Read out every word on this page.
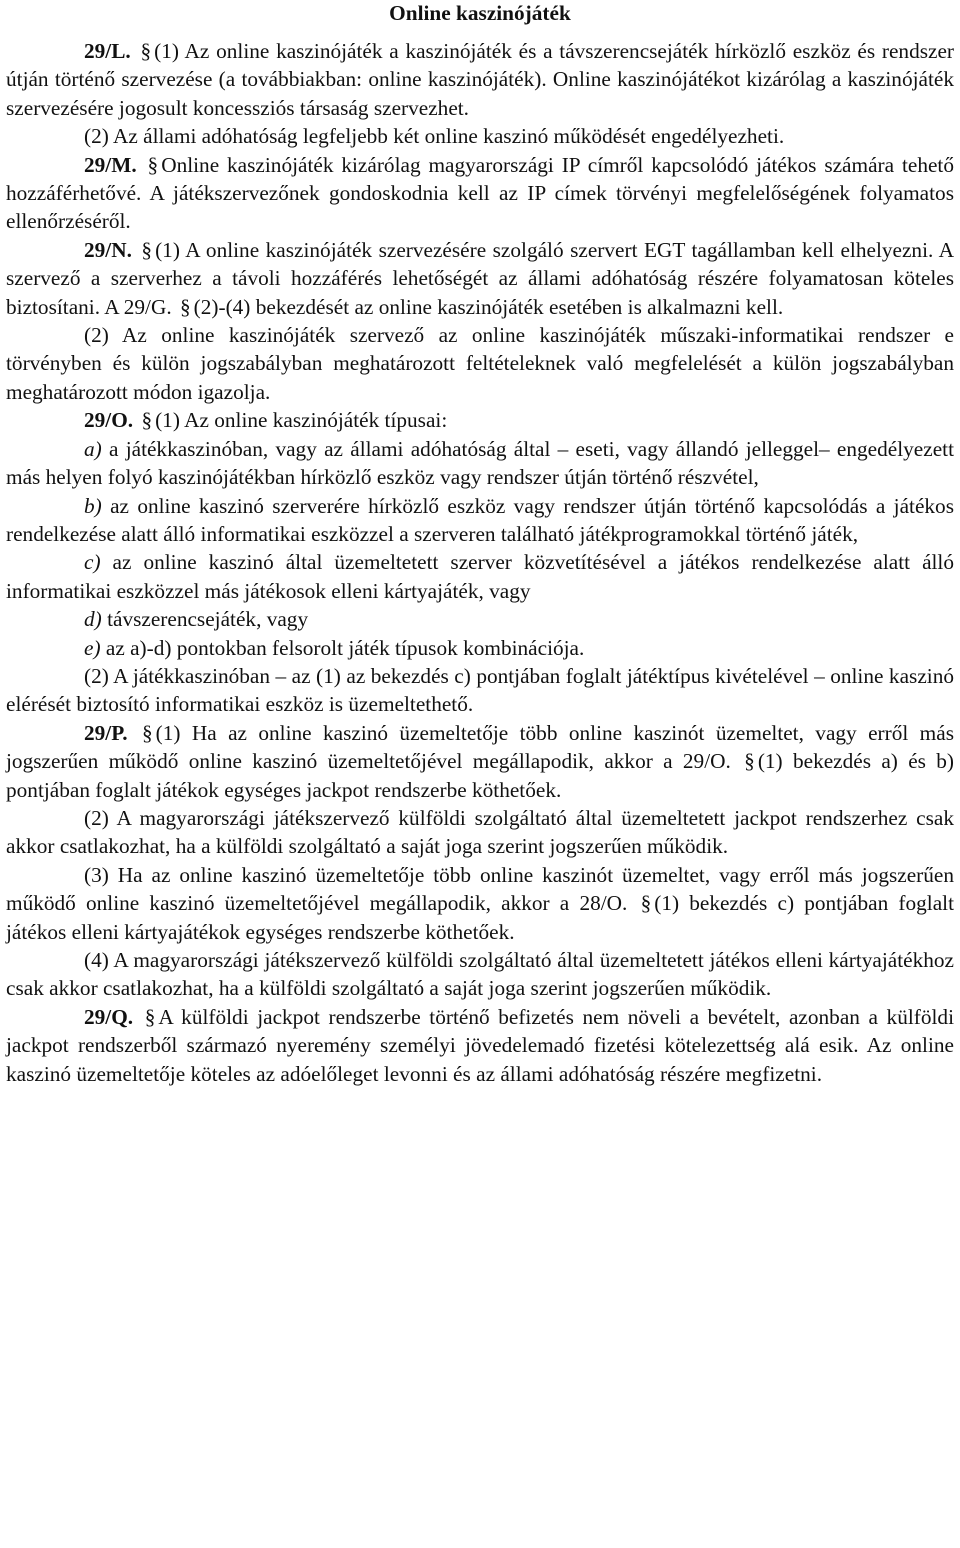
Online kaszinójáték

29/L. § (1) Az online kaszinójáték a kaszinójáték és a távszerencsejáték hírközlő eszköz és rendszer útján történő szervezése (a továbbiakban: online kaszinójáték). Online kaszinójátékot kizárólag a kaszinójáték szervezésére jogosult koncessziós társaság szervezhet.

(2) Az állami adóhatóság legfeljebb két online kaszinó működését engedélyezheti.

29/M. § Online kaszinójáték kizárólag magyarországi IP címről kapcsolódó játékos számára tehető hozzáférhetővé. A játékszervezőnek gondoskodnia kell az IP címek törvényi megfelelőségének folyamatos ellenőrzéséről.

29/N. § (1) A online kaszinójáték szervezésére szolgáló szervert EGT tagállamban kell elhelyezni. A szervező a szerverhez a távoli hozzáférés lehetőségét az állami adóhatóság részére folyamatosan köteles biztosítani. A 29/G. § (2)-(4) bekezdését az online kaszinójáték esetében is alkalmazni kell.

(2) Az online kaszinójáték szervező az online kaszinójáték műszaki-informatikai rendszer e törvényben és külön jogszabályban meghatározott feltételeknek való megfelelését a külön jogszabályban meghatározott módon igazolja.

29/O. § (1) Az online kaszinójáték típusai:

a) a játékkaszinóban, vagy az állami adóhatóság által – eseti, vagy állandó jelleggel– engedélyezett más helyen folyó kaszinójátékban hírközlő eszköz vagy rendszer útján történő részvétel,

b) az online kaszinó szerverére hírközlő eszköz vagy rendszer útján történő kapcsolódás a játékos rendelkezése alatt álló informatikai eszközzel a szerveren található játékprogramokkal történő játék,

c) az online kaszinó által üzemeltetett szerver közvetítésével a játékos rendelkezése alatt álló informatikai eszközzel más játékosok elleni kártyajáték, vagy

d) távszerencsejáték, vagy

e) az a)-d) pontokban felsorolt játék típusok kombinációja.

(2) A játékkaszinóban – az (1) az bekezdés c) pontjában foglalt játéktípus kivételével – online kaszinó elérését biztosító informatikai eszköz is üzemeltethető.

29/P. § (1) Ha az online kaszinó üzemeltetője több online kaszinót üzemeltet, vagy erről más jogszerűen működő online kaszinó üzemeltetőjével megállapodik, akkor a 29/O. § (1) bekezdés a) és b) pontjában foglalt játékok egységes jackpot rendszerbe köthetőek.

(2) A magyarországi játékszervező külföldi szolgáltató által üzemeltetett jackpot rendszerhez csak akkor csatlakozhat, ha a külföldi szolgáltató a saját joga szerint jogszerűen működik.

(3) Ha az online kaszinó üzemeltetője több online kaszinót üzemeltet, vagy erről más jogszerűen működő online kaszinó üzemeltetőjével megállapodik, akkor a 28/O. § (1) bekezdés c) pontjában foglalt játékos elleni kártyajátékok egységes rendszerbe köthetőek.

(4) A magyarországi játékszervező külföldi szolgáltató által üzemeltetett játékos elleni kártyajátékhoz csak akkor csatlakozhat, ha a külföldi szolgáltató a saját joga szerint jogszerűen működik.

29/Q. § A külföldi jackpot rendszerbe történő befizetés nem növeli a bevételt, azonban a külföldi jackpot rendszerből származó nyeremény személyi jövedelemadó fizetési kötelezettség alá esik. Az online kaszinó üzemeltetője köteles az adóelőleget levonni és az állami adóhatóság részére megfizetni.
